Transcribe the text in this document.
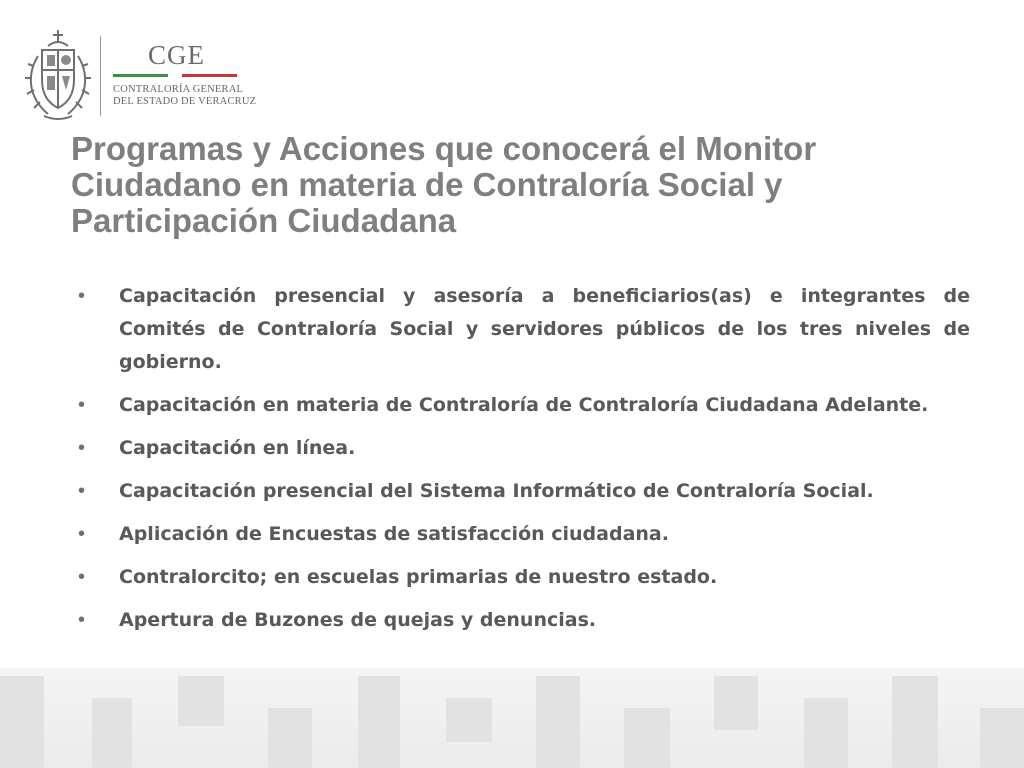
CGE
CONTRALORÍA GENERAL
DEL ESTADO DE VERACRUZ
Programas y Acciones que conocerá el Monitor Ciudadano en materia de Contraloría Social y Participación Ciudadana
•	Capacitación presencial y asesoría a beneficiarios(as) e integrantes de Comités de Contraloría Social y servidores públicos de los tres niveles de gobierno.
•	Capacitación en materia de Contraloría de Contraloría Ciudadana Adelante.
•	Capacitación en línea.
•	Capacitación presencial del Sistema Informático de Contraloría Social.
•	Aplicación de Encuestas de satisfacción ciudadana.
•	Contralorcito; en escuelas primarias de nuestro estado.
•	Apertura de Buzones de quejas y denuncias.
